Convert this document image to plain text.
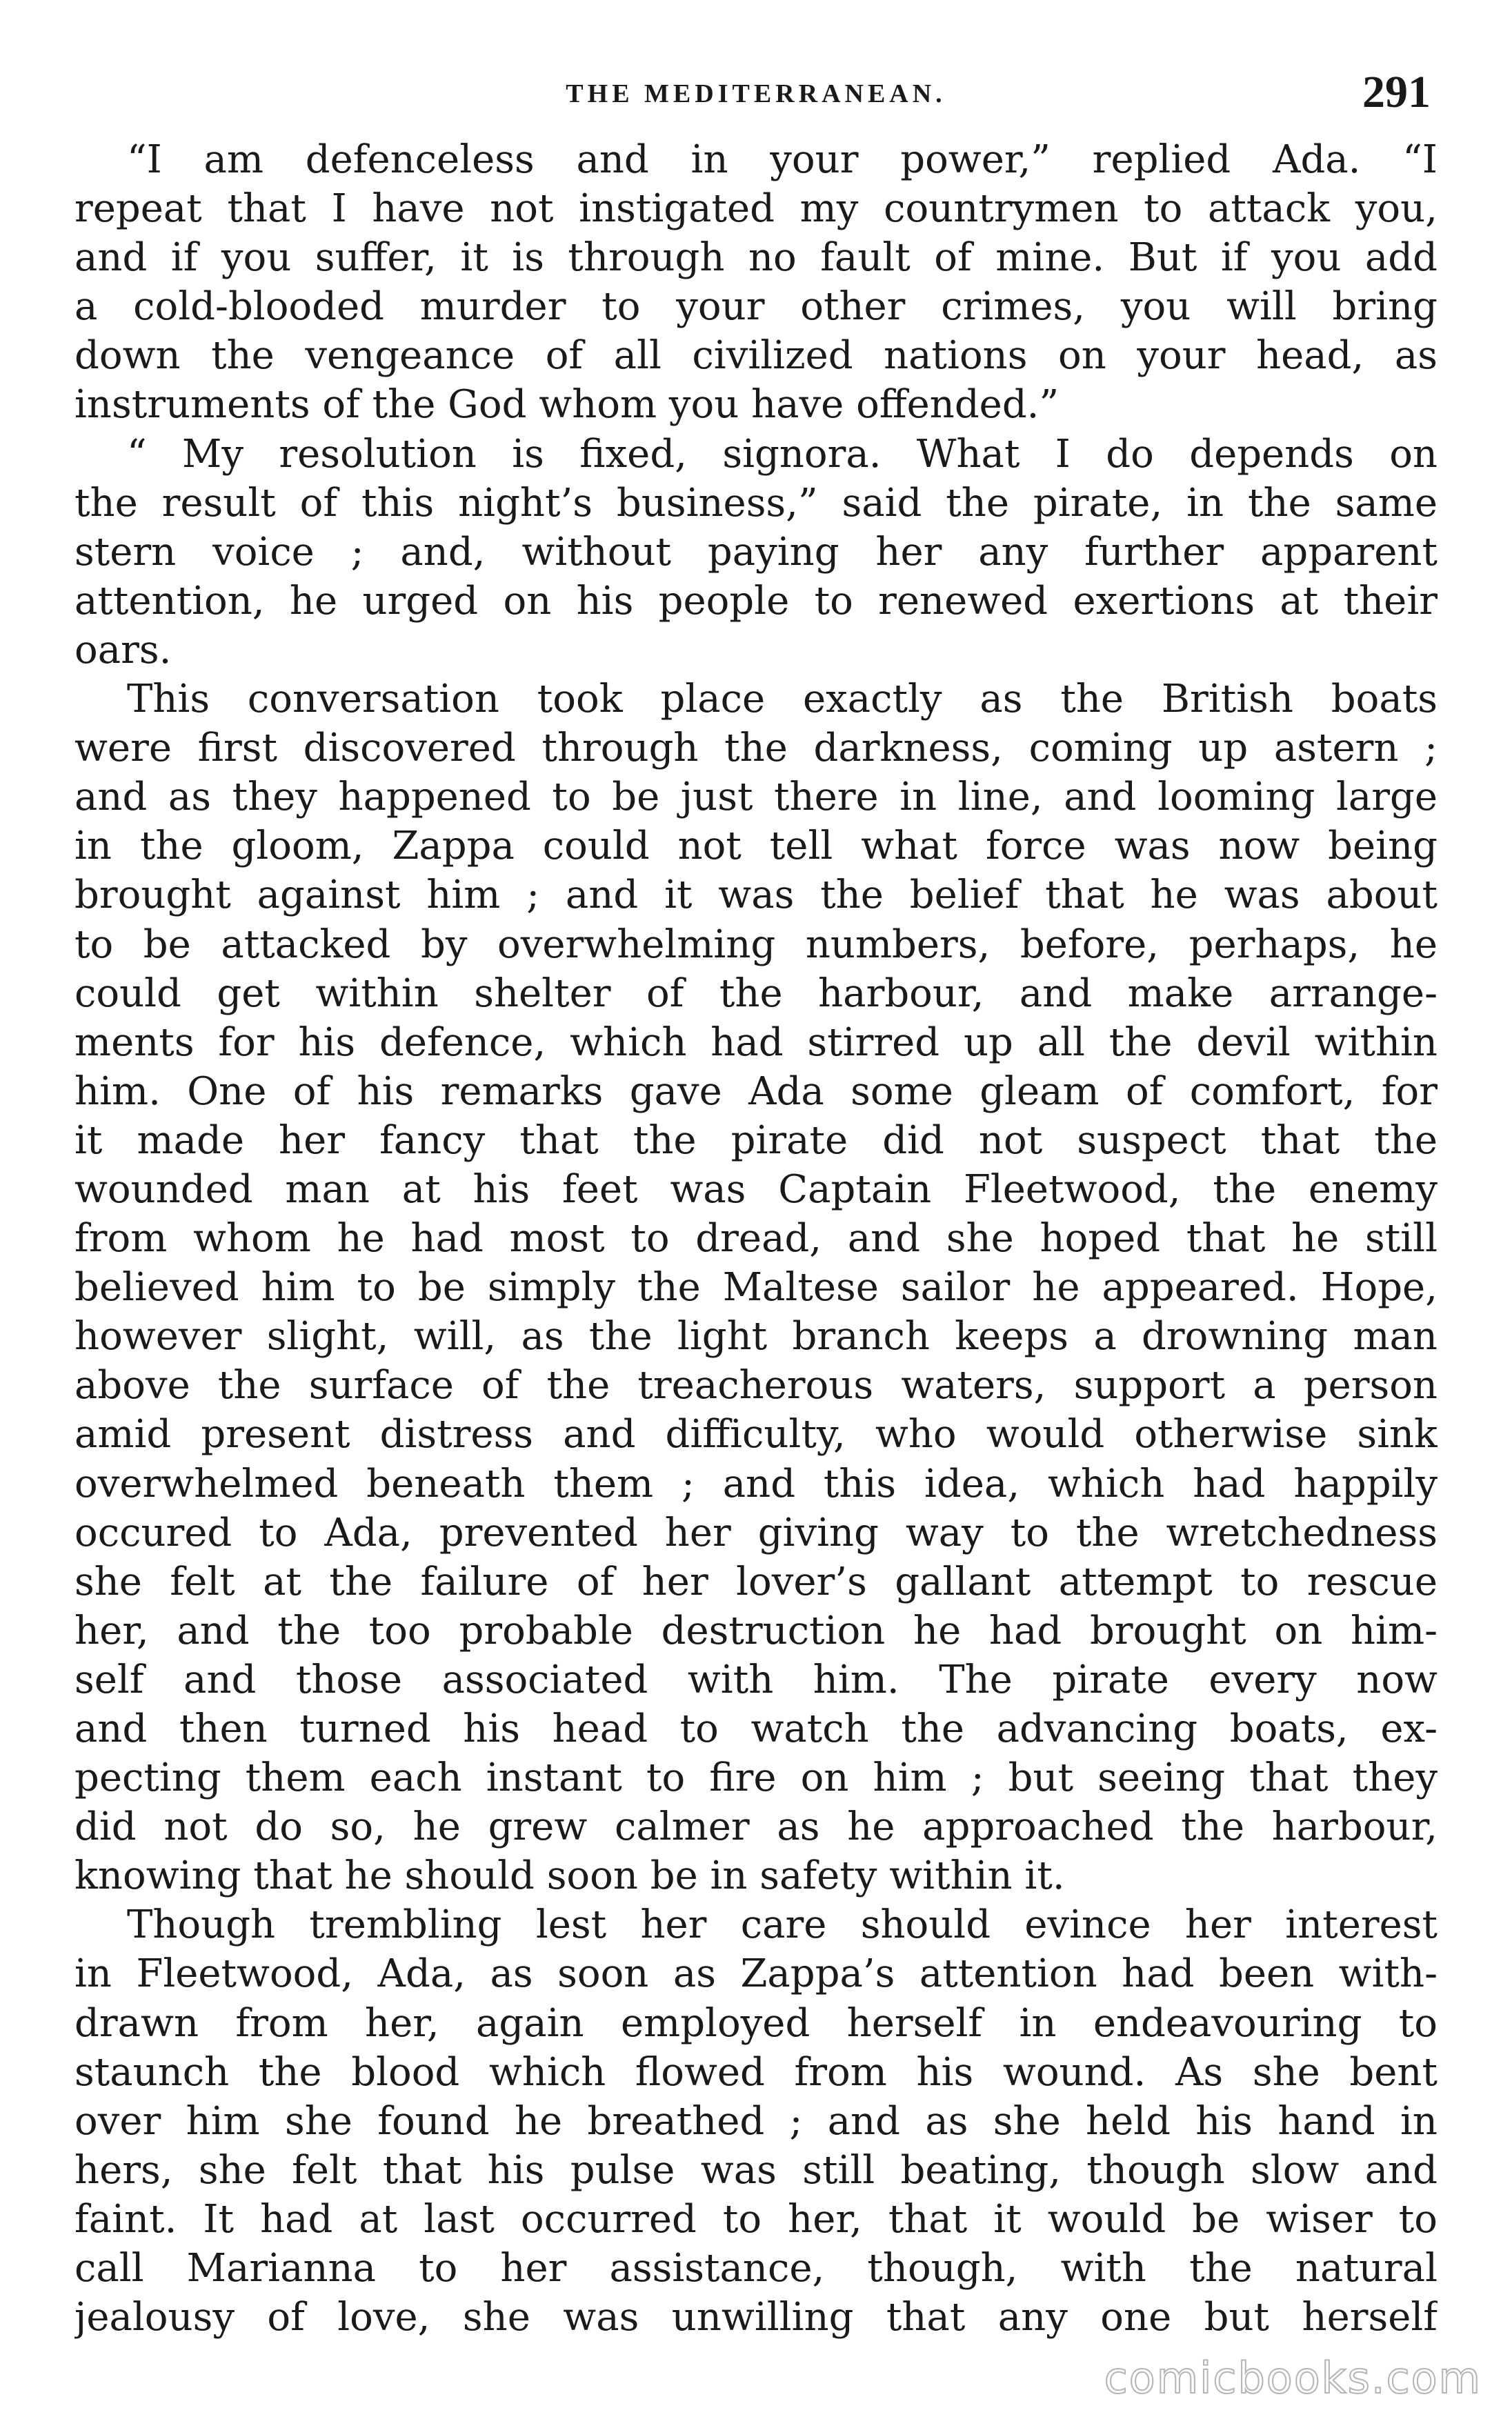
THE MEDITERRANEAN.	291
“I am defenceless and in your power,” replied Ada. “I
repeat that I have not instigated my countrymen to attack you,
and if you suffer, it is through no fault of mine. But if you add
a cold-blooded murder to your other crimes, you will bring
down the vengeance of all civilized nations on your head, as
instruments of the God whom you have offended.”
“ My resolution is fixed, signora. What I do depends on
the result of this night’s business,” said the pirate, in the same
stern voice ; and, without paying her any further apparent
attention, he urged on his people to renewed exertions at their
oars.
This conversation took place exactly as the British boats
were first discovered through the darkness, coming up astern ;
and as they happened to be just there in line, and looming large
in the gloom, Zappa could not tell what force was now being
brought against him ; and it was the belief that he was about
to be attacked by overwhelming numbers, before, perhaps, he
could get within shelter of the harbour, and make arrange-
ments for his defence, which had stirred up all the devil within
him. One of his remarks gave Ada some gleam of comfort, for
it made her fancy that the pirate did not suspect that the
wounded man at his feet was Captain Fleetwood, the enemy
from whom he had most to dread, and she hoped that he still
believed him to be simply the Maltese sailor he appeared. Hope,
however slight, will, as the light branch keeps a drowning man
above the surface of the treacherous waters, support a person
amid present distress and difficulty, who would otherwise sink
overwhelmed beneath them ; and this idea, which had happily
occured to Ada, prevented her giving way to the wretchedness
she felt at the failure of her lover’s gallant attempt to rescue
her, and the too probable destruction he had brought on him-
self and those associated with him. The pirate every now
and then turned his head to watch the advancing boats, ex-
pecting them each instant to fire on him ; but seeing that they
did not do so, he grew calmer as he approached the harbour,
knowing that he should soon be in safety within it.
Though trembling lest her care should evince her interest
in Fleetwood, Ada, as soon as Zappa’s attention had been with-
drawn from her, again employed herself in endeavouring to
staunch the blood which flowed from his wound. As she bent
over him she found he breathed ; and as she held his hand in
hers, she felt that his pulse was still beating, though slow and
faint. It had at last occurred to her, that it would be wiser to
call Marianna to her assistance, though, with the natural
jealousy of love, she was unwilling that any one but herself
comicbooks.com
